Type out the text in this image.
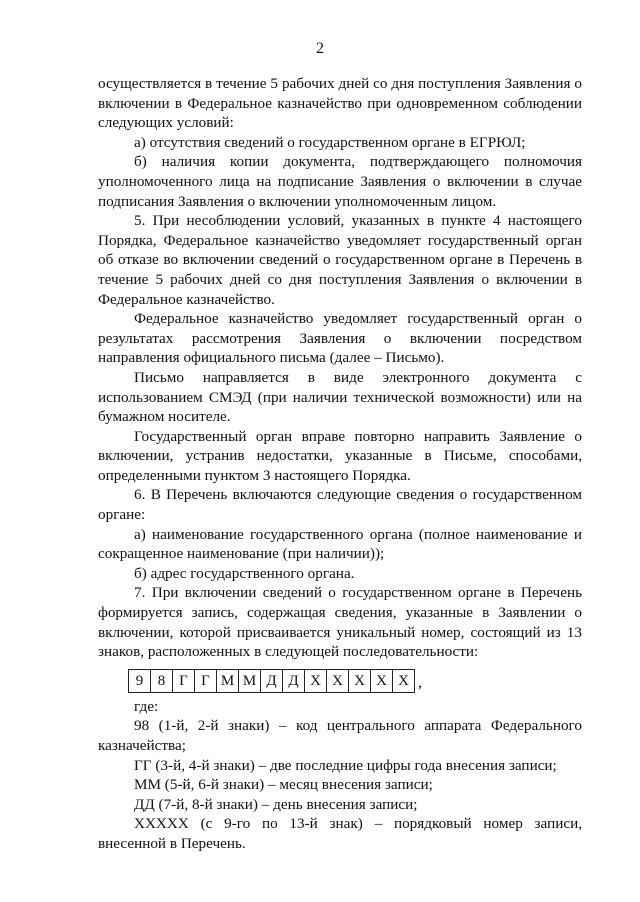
2

осуществляется в течение 5 рабочих дней со дня поступления Заявления о включении в Федеральное казначейство при одновременном соблюдении следующих условий:

а) отсутствия сведений о государственном органе в ЕГРЮЛ;

б) наличия копии документа, подтверждающего полномочия уполномоченного лица на подписание Заявления о включении в случае подписания Заявления о включении уполномоченным лицом.

5. При несоблюдении условий, указанных в пункте 4 настоящего Порядка, Федеральное казначейство уведомляет государственный орган об отказе во включении сведений о государственном органе в Перечень в течение 5 рабочих дней со дня поступления Заявления о включении в Федеральное казначейство.

Федеральное казначейство уведомляет государственный орган о результатах рассмотрения Заявления о включении посредством направления официального письма (далее – Письмо).

Письмо направляется в виде электронного документа с использованием СМЭД (при наличии технической возможности) или на бумажном носителе.

Государственный орган вправе повторно направить Заявление о включении, устранив недостатки, указанные в Письме, способами, определенными пунктом 3 настоящего Порядка.

6. В Перечень включаются следующие сведения о государственном органе:

а) наименование государственного органа (полное наименование и сокращенное наименование (при наличии));

б) адрес государственного органа.

7. При включении сведений о государственном органе в Перечень формируется запись, содержащая сведения, указанные в Заявлении о включении, которой присваивается уникальный номер, состоящий из 13 знаков, расположенных в следующей последовательности:

9 8 Г Г М М Д Д Х Х Х Х Х ,

где:

98 (1-й, 2-й знаки) – код центрального аппарата Федерального казначейства;

ГГ (3-й, 4-й знаки) – две последние цифры года внесения записи;

ММ (5-й, 6-й знаки) – месяц внесения записи;

ДД (7-й, 8-й знаки) – день внесения записи;

ХХХХХ (с 9-го по 13-й знак) – порядковый номер записи, внесенной в Перечень.
